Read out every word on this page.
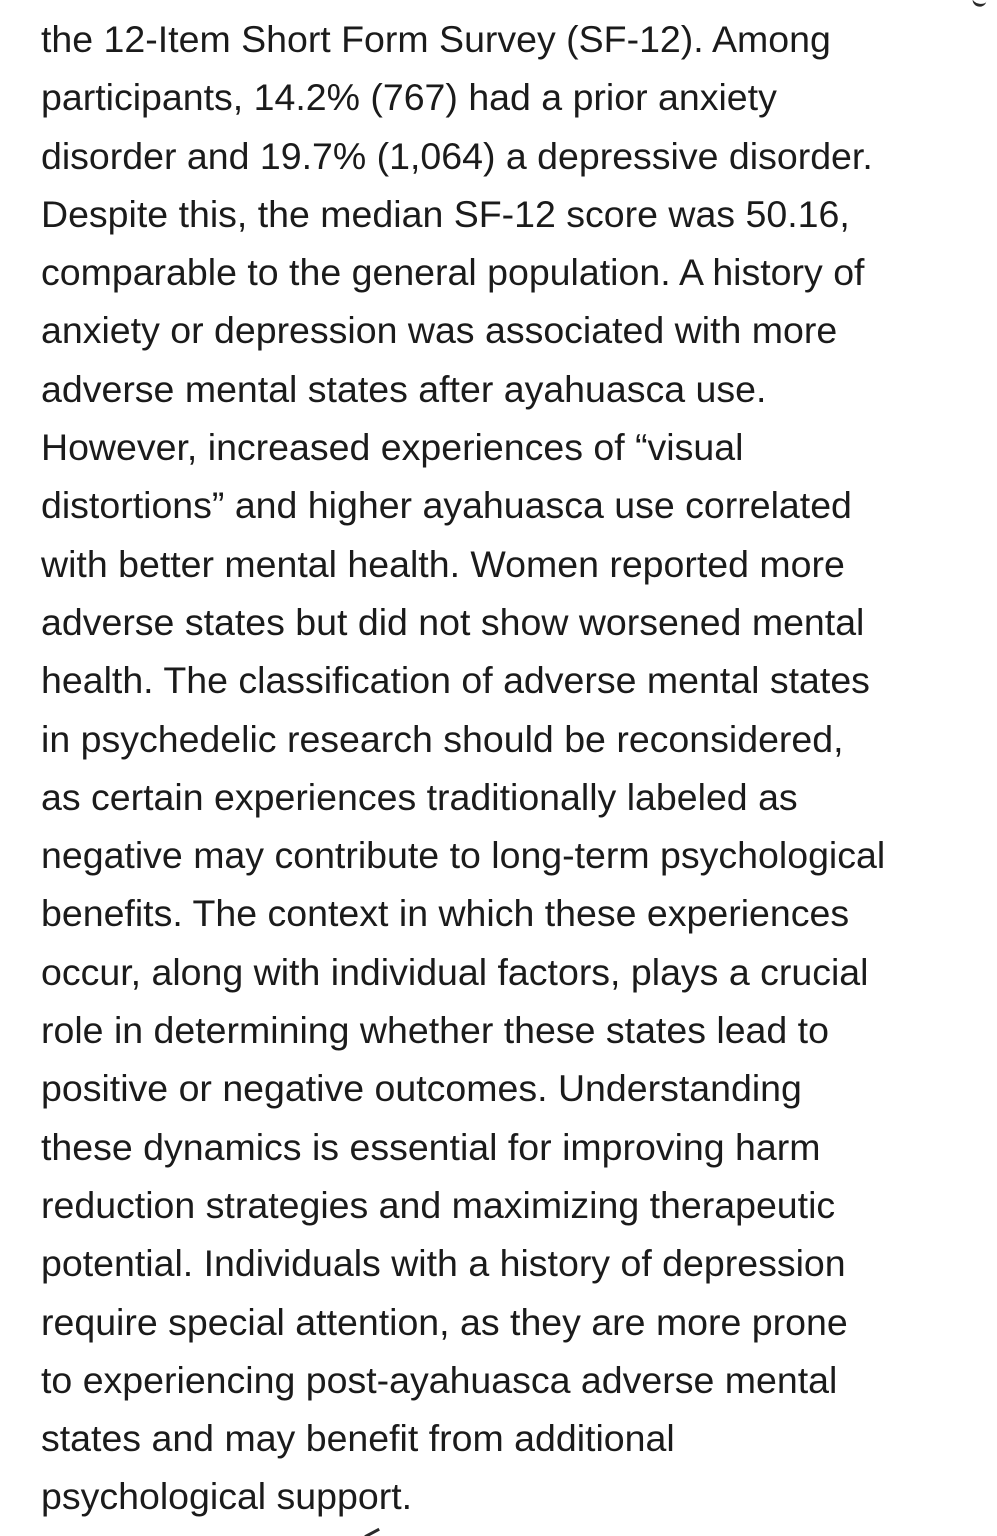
the 12-Item Short Form Survey (SF-12). Among
participants, 14.2% (767) had a prior anxiety
disorder and 19.7% (1,064) a depressive disorder.
Despite this, the median SF-12 score was 50.16,
comparable to the general population. A history of
anxiety or depression was associated with more
adverse mental states after ayahuasca use.
However, increased experiences of “visual
distortions” and higher ayahuasca use correlated
with better mental health. Women reported more
adverse states but did not show worsened mental
health. The classification of adverse mental states
in psychedelic research should be reconsidered,
as certain experiences traditionally labeled as
negative may contribute to long-term psychological
benefits. The context in which these experiences
occur, along with individual factors, plays a crucial
role in determining whether these states lead to
positive or negative outcomes. Understanding
these dynamics is essential for improving harm
reduction strategies and maximizing therapeutic
potential. Individuals with a history of depression
require special attention, as they are more prone
to experiencing post-ayahuasca adverse mental
states and may benefit from additional
psychological support.
